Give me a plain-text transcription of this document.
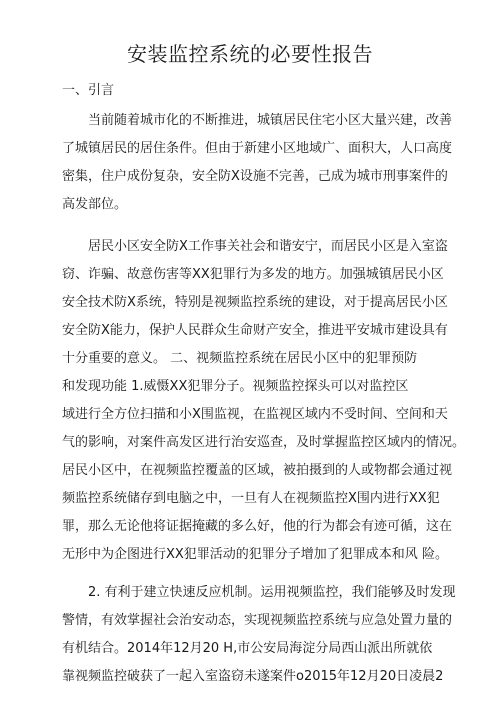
安装监控系统的必要性报告
一、引言
当前随着城市化的不断推进，城镇居民住宅小区大量兴建，改善
了城镇居民的居住条件。但由于新建小区地域广、面积大，人口高度
密集，住户成份复杂，安全防X设施不完善，己成为城市刑事案件的
高发部位。
居民小区安全防X工作事关社会和谐安宁，而居民小区是入室盗
窃、诈骗、故意伤害等XX犯罪行为多发的地方。加强城镇居民小区
安全技术防X系统，特别是视频监控系统的建设，对于提高居民小区
安全防X能力，保护人民群众生命财产安全，推进平安城市建设具有
十分重要的意义。 二、视频监控系统在居民小区中的犯罪预防
和发现功能 1.威慑XX犯罪分子。视频监控探头可以对监控区
域进行全方位扫描和小X围监视，在监视区域内不受时间、空间和天
气的影响，对案件高发区进行治安巡查，及时掌握监控区域内的情况。
居民小区中，在视频监控覆盖的区域，被拍摄到的人或物都会通过视
频监控系统储存到电脑之中，一旦有人在视频监控X围内进行XX犯
罪，那么无论他将证据掩藏的多么好，他的行为都会有迹可循，这在
无形中为企图进行XX犯罪活动的犯罪分子增加了犯罪成本和风 险。
2. 有利于建立快速反应机制。运用视频监控，我们能够及时发现
警情，有效掌握社会治安动态，实现视频监控系统与应急处置力量的
有机结合。2014年12月20 H,市公安局海淀分局西山派出所就依
靠视频监控破获了一起入室盗窃未遂案件o2015年12月20日凌晨2
